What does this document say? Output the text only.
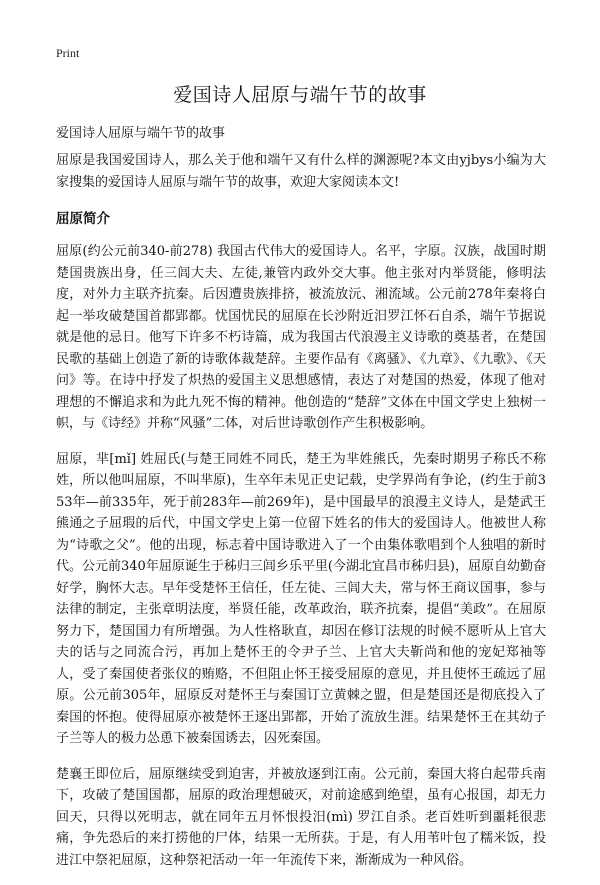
Print
爱国诗人屈原与端午节的故事
爱国诗人屈原与端午节的故事

屈原是我国爱国诗人，那么关于他和端午又有什么样的渊源呢?本文由yjbys小编为大家搜集的爱国诗人屈原与端午节的故事，欢迎大家阅读本文!

屈原简介

屈原(约公元前340-前278) 我国古代伟大的爱国诗人。名平，字原。汉族，战国时期楚国贵族出身，任三闾大夫、左徒,兼管内政外交大事。他主张对内举贤能，修明法度，对外力主联齐抗秦。后因遭贵族排挤，被流放沅、湘流域。公元前278年秦将白起一举攻破楚国首都郢都。忧国忧民的屈原在长沙附近汨罗江怀石自杀，端午节据说就是他的忌日。他写下许多不朽诗篇，成为我国古代浪漫主义诗歌的奠基者，在楚国民歌的基础上创造了新的诗歌体裁楚辞。主要作品有《离骚》、《九章》、《九歌》、《天问》等。在诗中抒发了炽热的爱国主义思想感情，表达了对楚国的热爱，体现了他对理想的不懈追求和为此九死不悔的精神。他创造的“楚辞”文体在中国文学史上独树一帜，与《诗经》并称“风骚”二体，对后世诗歌创作产生积极影响。

屈原，芈[mǐ] 姓屈氏(与楚王同姓不同氏，楚王为芈姓熊氏，先秦时期男子称氏不称姓，所以他叫屈原，不叫芈原)，生卒年未见正史记载，史学界尚有争论，(约生于前353年—前335年，死于前283年—前269年)，是中国最早的浪漫主义诗人，是楚武王熊通之子屈瑕的后代，中国文学史上第一位留下姓名的伟大的爱国诗人。他被世人称为“诗歌之父”。他的出现，标志着中国诗歌进入了一个由集体歌唱到个人独唱的新时代。公元前340年屈原诞生于秭归三闾乡乐平里(今湖北宜昌市秭归县)，屈原自幼勤奋好学，胸怀大志。早年受楚怀王信任，任左徒、三闾大夫，常与怀王商议国事，参与法律的制定，主张章明法度，举贤任能，改革政治，联齐抗秦，提倡“美政”。在屈原努力下，楚国国力有所增强。为人性格耿直，却因在修订法规的时候不愿听从上官大夫的话与之同流合污，再加上楚怀王的令尹子兰、上官大夫靳尚和他的宠妃郑袖等人，受了秦国使者张仪的贿赂，不但阻止怀王接受屈原的意见，并且使怀王疏远了屈原。公元前305年，屈原反对楚怀王与秦国订立黄棘之盟，但是楚国还是彻底投入了秦国的怀抱。使得屈原亦被楚怀王逐出郢都，开始了流放生涯。结果楚怀王在其幼子子兰等人的极力怂恿下被秦国诱去，囚死秦国。

楚襄王即位后，屈原继续受到迫害，并被放逐到江南。公元前，秦国大将白起带兵南下，攻破了楚国国都，屈原的政治理想破灭，对前途感到绝望，虽有心报国，却无力回天，只得以死明志，就在同年五月怀恨投汨(mì) 罗江自杀。老百姓听到噩耗很悲痛，争先恐后的来打捞他的尸体，结果一无所获。于是，有人用苇叶包了糯米饭，投进江中祭祀屈原，这种祭祀活动一年一年流传下来，渐渐成为一种风俗。
